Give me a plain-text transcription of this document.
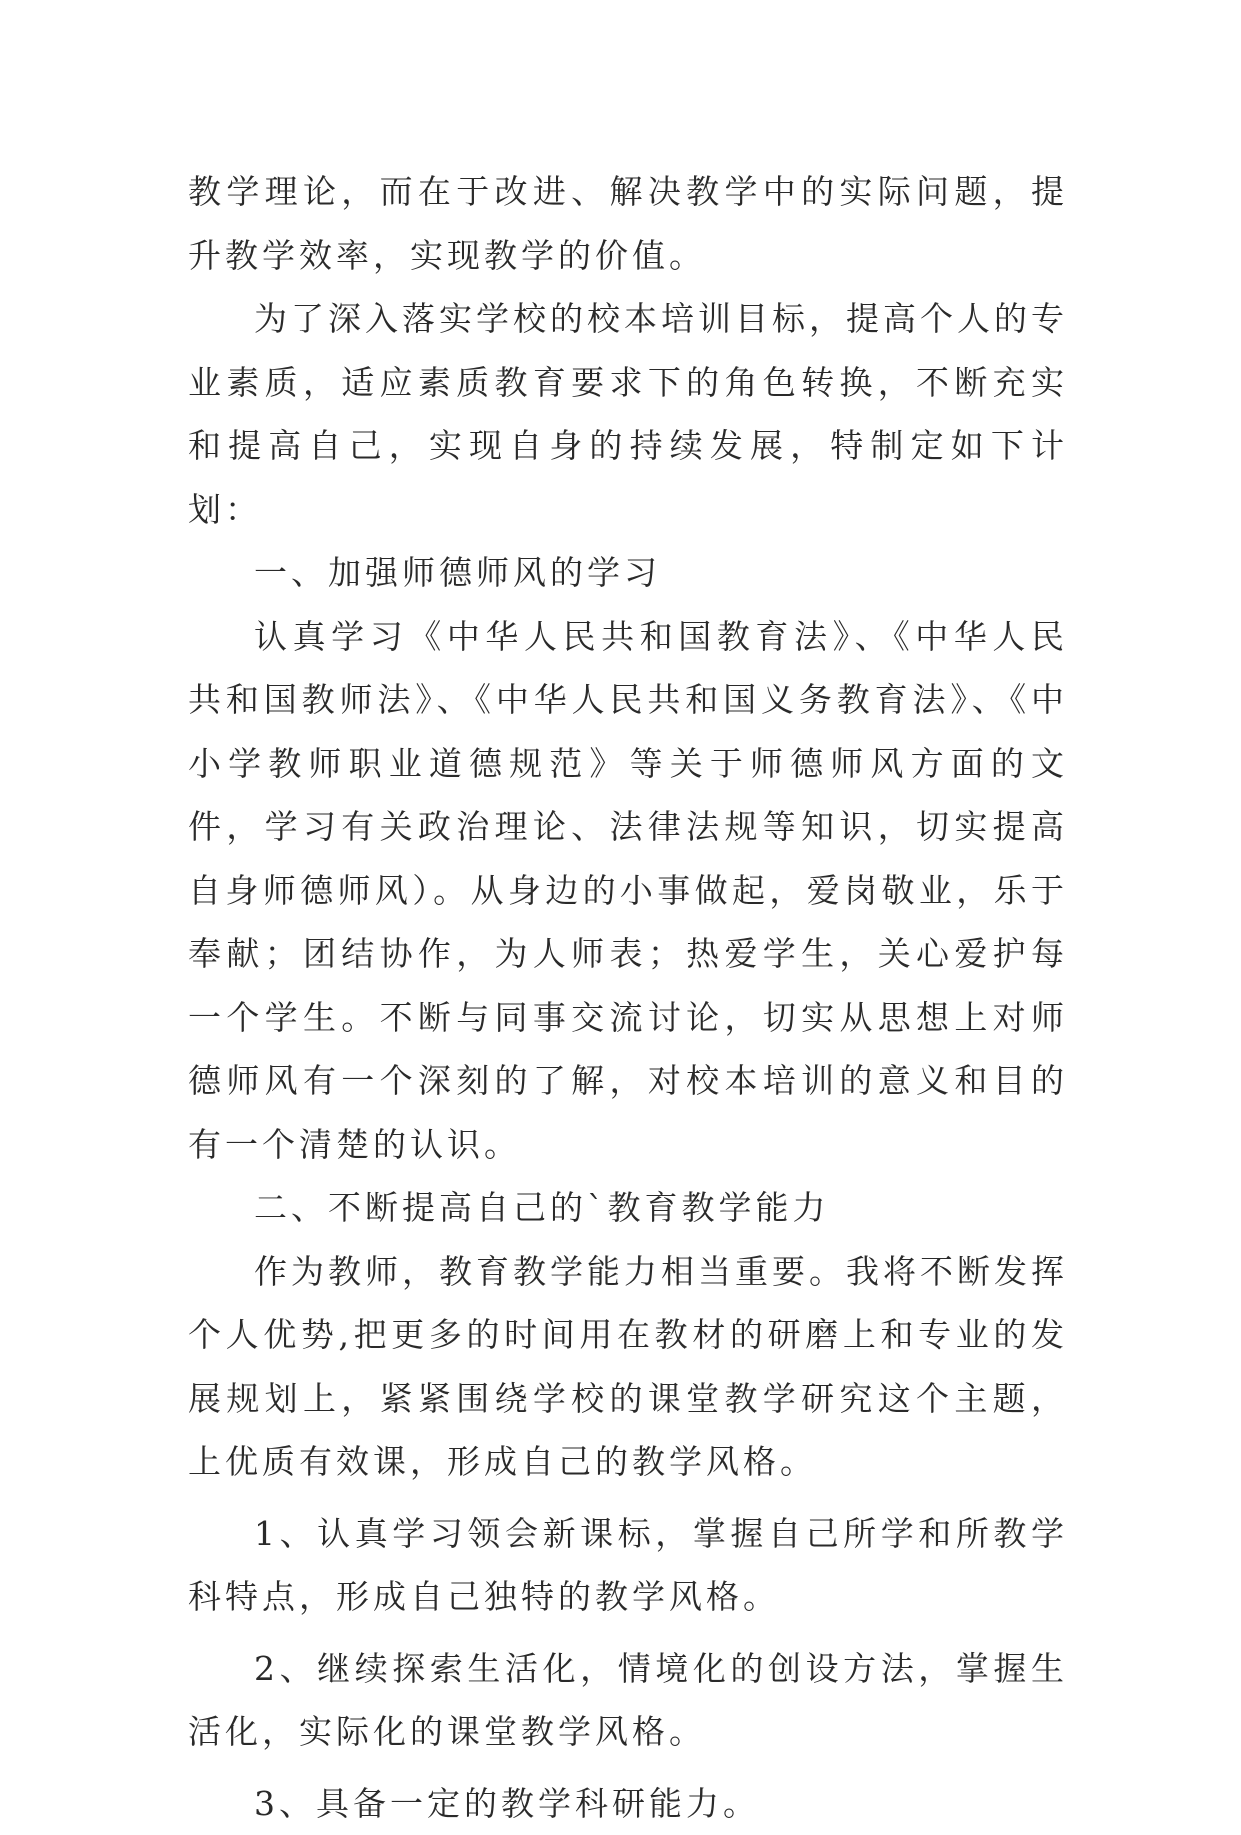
教学理论，而在于改进、解决教学中的实际问题，提升教学效率，实现教学的价值。

为了深入落实学校的校本培训目标，提高个人的专业素质，适应素质教育要求下的角色转换，不断充实和提高自己，实现自身的持续发展，特制定如下计划：

一、加强师德师风的学习

认真学习《中华人民共和国教育法》、《中华人民共和国教师法》、《中华人民共和国义务教育法》、《中小学教师职业道德规范》等关于师德师风方面的文件，学习有关政治理论、法律法规等知识，切实提高自身师德师风）。从身边的小事做起，爱岗敬业，乐于奉献；团结协作，为人师表；热爱学生，关心爱护每一个学生。不断与同事交流讨论，切实从思想上对师德师风有一个深刻的了解，对校本培训的意义和目的有一个清楚的认识。

二、不断提高自己的`教育教学能力

作为教师，教育教学能力相当重要。我将不断发挥个人优势,把更多的时间用在教材的研磨上和专业的发展规划上，紧紧围绕学校的课堂教学研究这个主题，上优质有效课，形成自己的教学风格。

1、认真学习领会新课标，掌握自己所学和所教学科特点，形成自己独特的教学风格。

2、继续探索生活化，情境化的创设方法，掌握生活化，实际化的课堂教学风格。

3、具备一定的教学科研能力。
